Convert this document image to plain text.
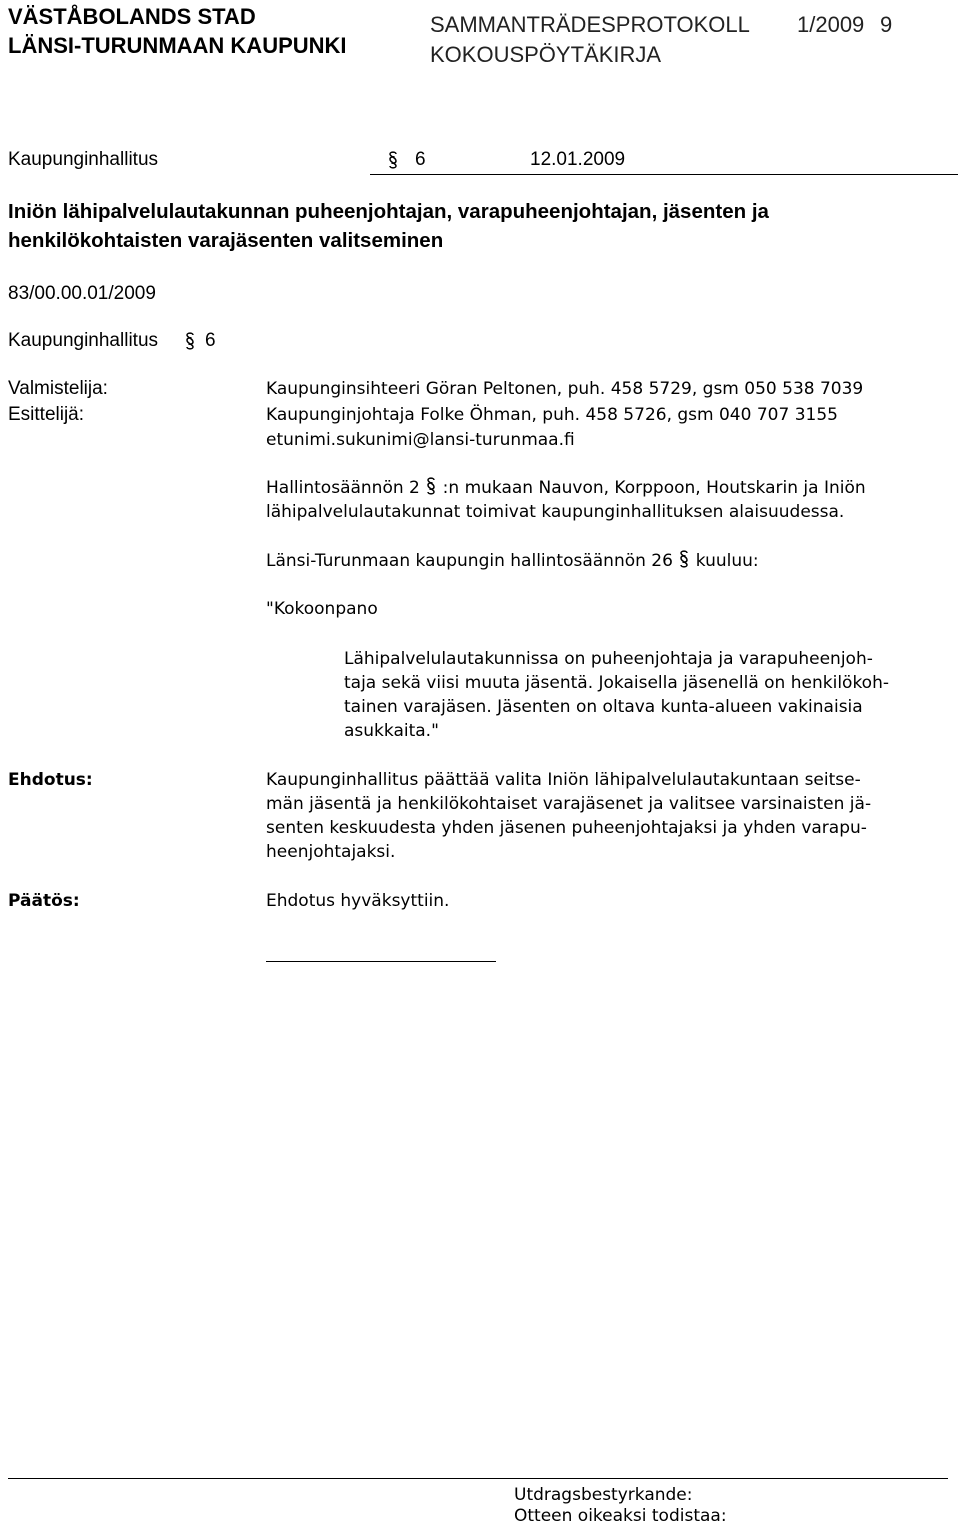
VÄSTÅBOLANDS STAD
LÄNSI-TURUNMAAN KAUPUNKI
SAMMANTRÄDESPROTOKOLL 1/2009 9
KOKOUSPÖYTÄKIRJA
Kaupunginhallitus	6	12.01.2009
Iniön lähipalvelulautakunnan puheenjohtajan, varapuheenjohtajan, jäsenten ja
henkilökohtaisten varajäsenten valitseminen
83/00.00.01/2009
Kaupunginhallitus 6
Valmistelija:	Kaupunginsihteeri Göran Peltonen, puh. 458 5729, gsm 050 538 7039
Esittelijä:	Kaupunginjohtaja Folke Öhman, puh. 458 5726, gsm 040 707 3155
etunimi.sukunimi@lansi-turunmaa.fi
Hallintosäännön 2 :n mukaan Nauvon, Korppoon, Houtskarin ja Iniön
lähipalvelulautakunnat toimivat kaupunginhallituksen alaisuudessa.
Länsi-Turunmaan kaupungin hallintosäännön 26 kuuluu:
"Kokoonpano
Lähipalvelulautakunnissa on puheenjohtaja ja varapuheenjoh-
taja sekä viisi muuta jäsentä. Jokaisella jäsenellä on henkilökoh-
tainen varajäsen. Jäsenten on oltava kunta-alueen vakinaisia
asukkaita."
Ehdotus:	Kaupunginhallitus päättää valita Iniön lähipalvelulautakuntaan seitse-
män jäsentä ja henkilökohtaiset varajäsenet ja valitsee varsinaisten jä-
senten keskuudesta yhden jäsenen puheenjohtajaksi ja yhden varapu-
heenjohtajaksi.
Päätös:	Ehdotus hyväksyttiin.
Utdragsbestyrkande:
Otteen oikeaksi todistaa:
